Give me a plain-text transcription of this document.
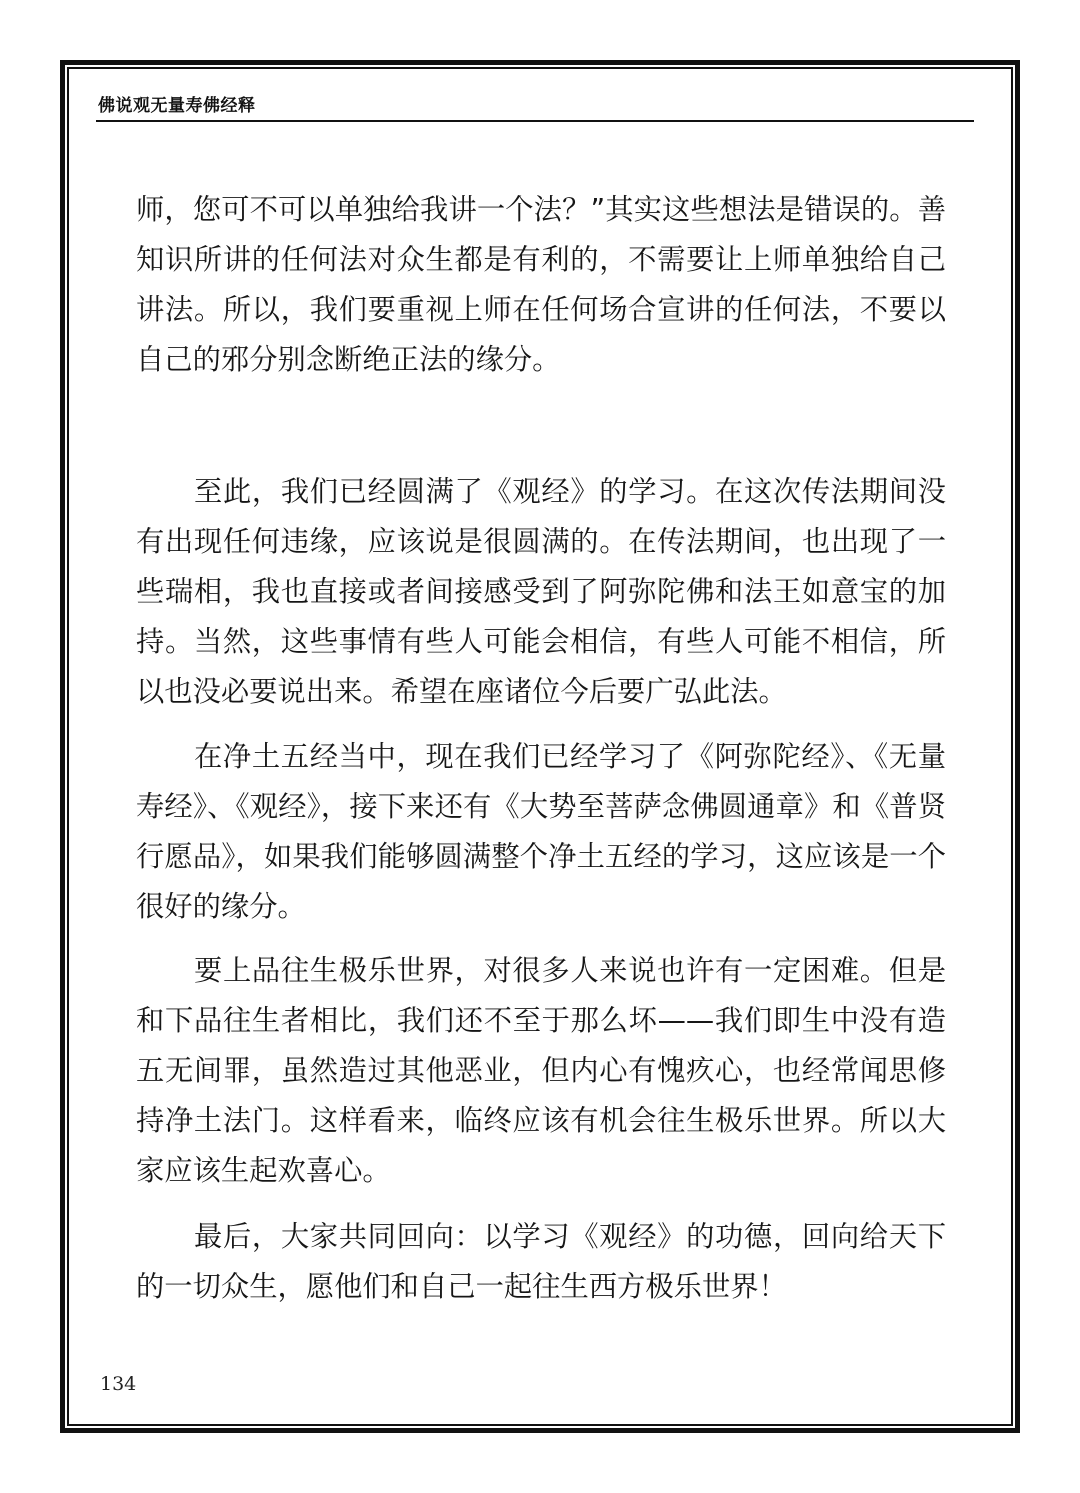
佛说观无量寿佛经释
师，您可不可以单独给我讲一个法？”其实这些想法是错误的。善知识所讲的任何法对众生都是有利的，不需要让上师单独给自己讲法。所以，我们要重视上师在任何场合宣讲的任何法，不要以自己的邪分别念断绝正法的缘分。
至此，我们已经圆满了《观经》的学习。在这次传法期间没有出现任何违缘，应该说是很圆满的。在传法期间，也出现了一些瑞相，我也直接或者间接感受到了阿弥陀佛和法王如意宝的加持。当然，这些事情有些人可能会相信，有些人可能不相信，所以也没必要说出来。希望在座诸位今后要广弘此法。
在净土五经当中，现在我们已经学习了《阿弥陀经》、《无量寿经》、《观经》，接下来还有《大势至菩萨念佛圆通章》和《普贤行愿品》，如果我们能够圆满整个净土五经的学习，这应该是一个很好的缘分。
要上品往生极乐世界，对很多人来说也许有一定困难。但是和下品往生者相比，我们还不至于那么坏——我们即生中没有造五无间罪，虽然造过其他恶业，但内心有愧疚心，也经常闻思修持净土法门。这样看来，临终应该有机会往生极乐世界。所以大家应该生起欢喜心。
最后，大家共同回向：以学习《观经》的功德，回向给天下的一切众生，愿他们和自己一起往生西方极乐世界！
134
